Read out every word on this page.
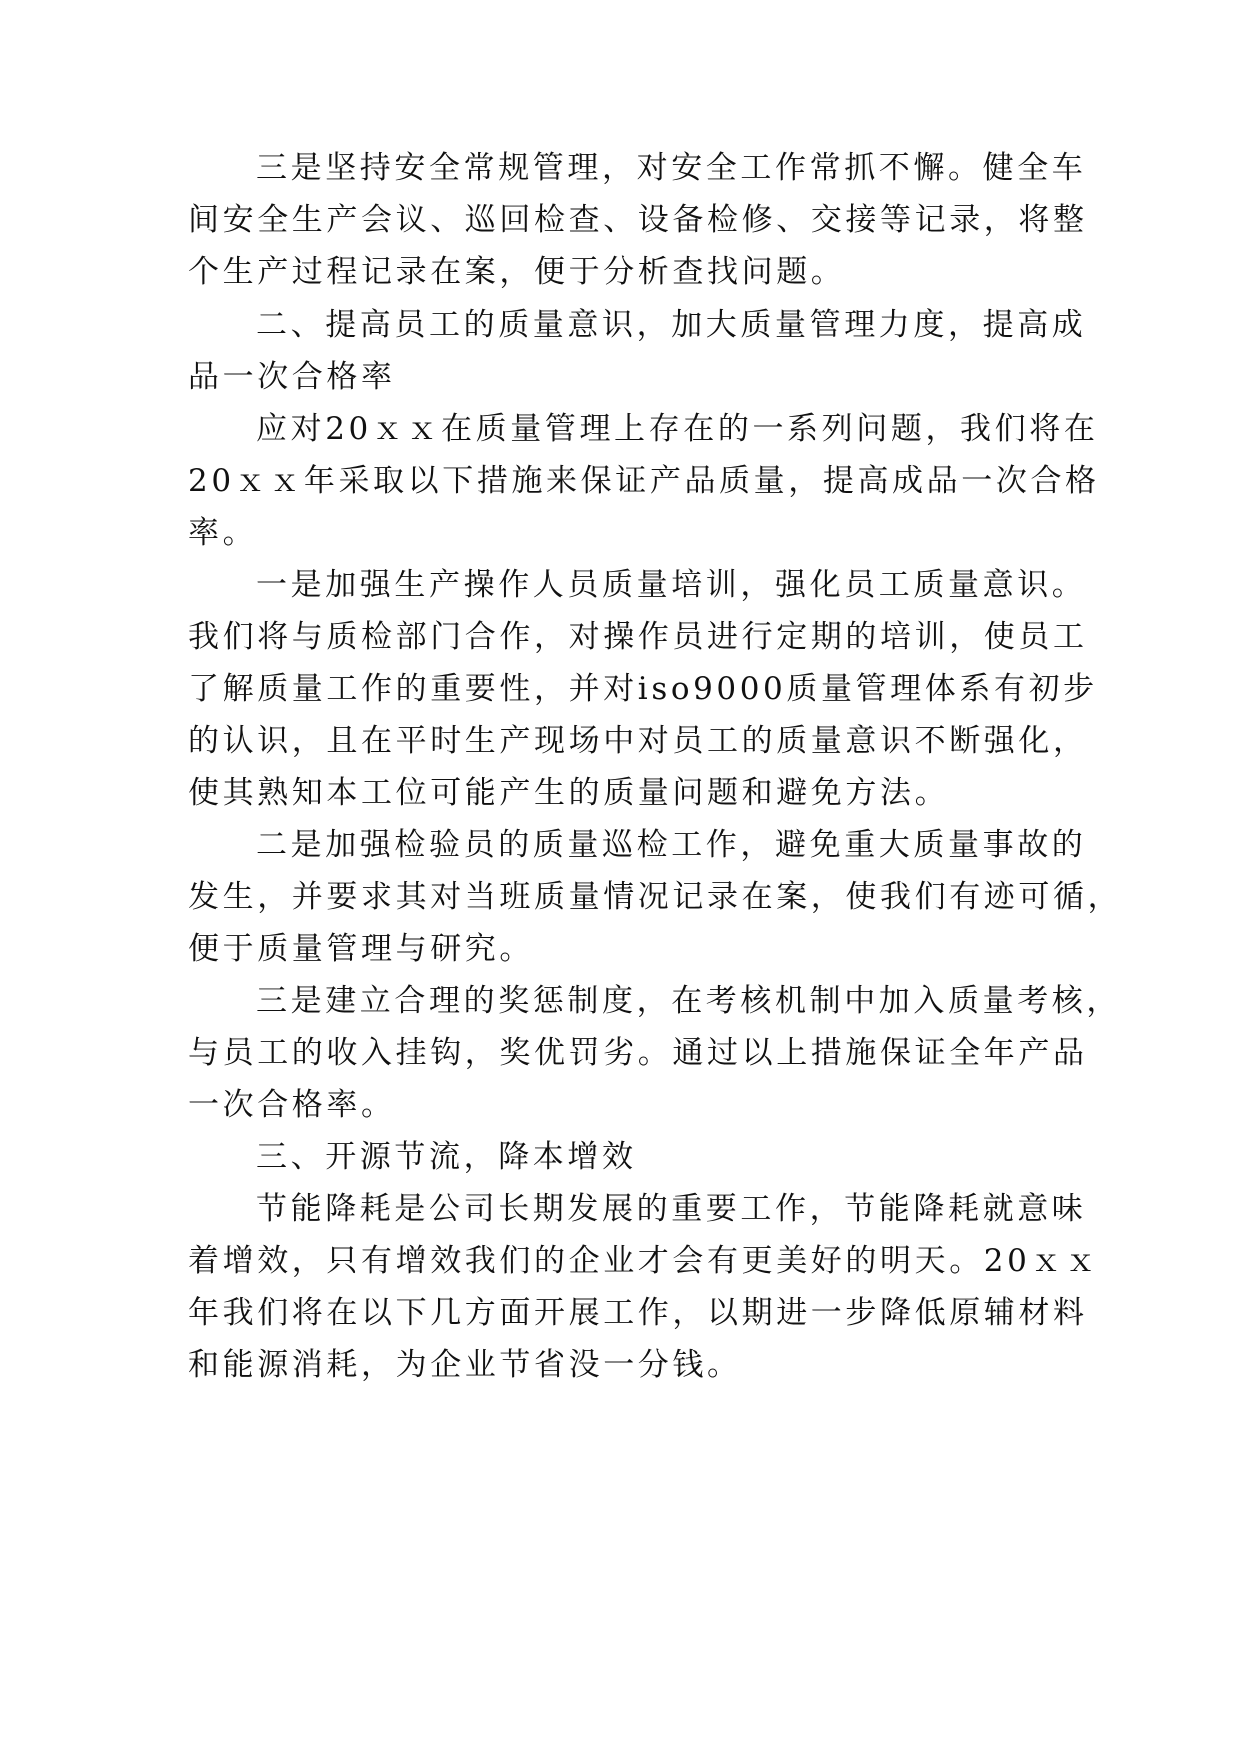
三是坚持安全常规管理，对安全工作常抓不懈。健全车
间安全生产会议、巡回检查、设备检修、交接等记录，将整
个生产过程记录在案，便于分析查找问题。
二、提高员工的质量意识，加大质量管理力度，提高成
品一次合格率
应对20ｘｘ在质量管理上存在的一系列问题，我们将在
20ｘｘ年采取以下措施来保证产品质量，提高成品一次合格
率。
一是加强生产操作人员质量培训，强化员工质量意识。
我们将与质检部门合作，对操作员进行定期的培训，使员工
了解质量工作的重要性，并对iso9000质量管理体系有初步
的认识，且在平时生产现场中对员工的质量意识不断强化，
使其熟知本工位可能产生的质量问题和避免方法。
二是加强检验员的质量巡检工作，避免重大质量事故的
发生，并要求其对当班质量情况记录在案，使我们有迹可循，
便于质量管理与研究。
三是建立合理的奖惩制度，在考核机制中加入质量考核，
与员工的收入挂钩，奖优罚劣。通过以上措施保证全年产品
一次合格率。
三、开源节流，降本增效
节能降耗是公司长期发展的重要工作，节能降耗就意味
着增效，只有增效我们的企业才会有更美好的明天。20ｘｘ
年我们将在以下几方面开展工作，以期进一步降低原辅材料
和能源消耗，为企业节省没一分钱。
